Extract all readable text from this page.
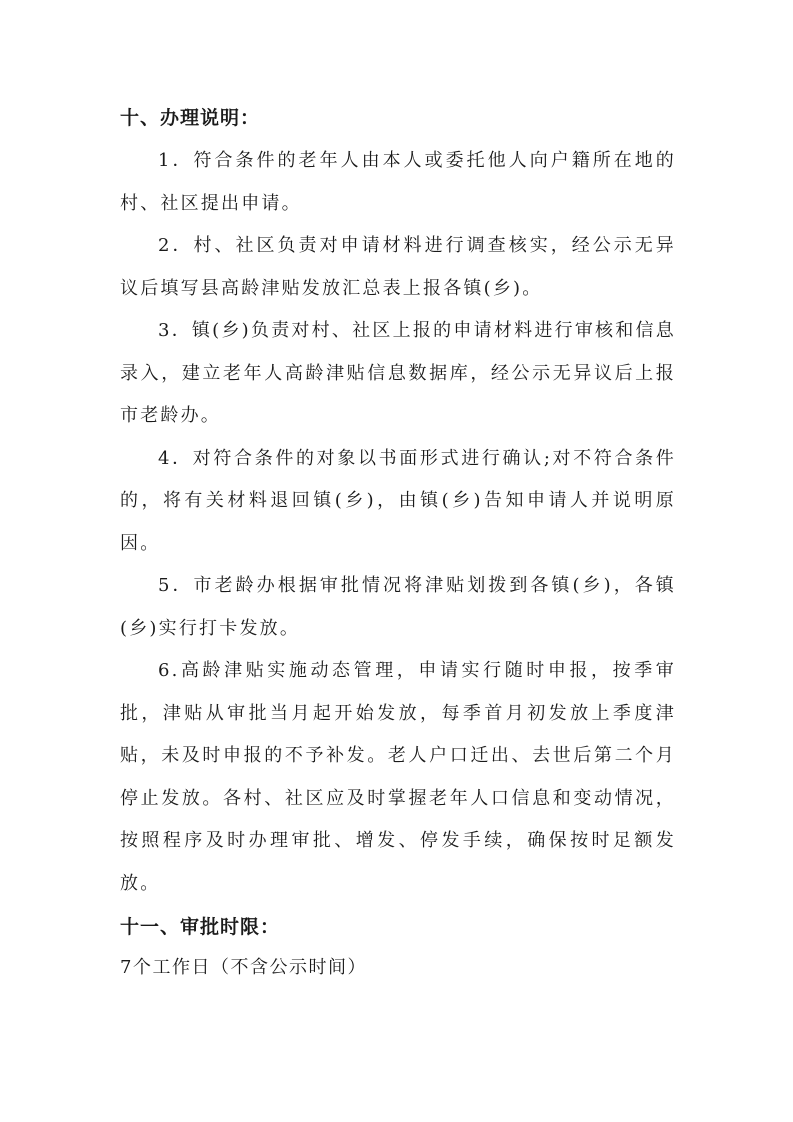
十、办理说明：

1．符合条件的老年人由本人或委托他人向户籍所在地的村、社区提出申请。

2．村、社区负责对申请材料进行调查核实，经公示无异议后填写县高龄津贴发放汇总表上报各镇(乡)。

3．镇(乡)负责对村、社区上报的申请材料进行审核和信息录入，建立老年人高龄津贴信息数据库，经公示无异议后上报市老龄办。

4．对符合条件的对象以书面形式进行确认;对不符合条件的，将有关材料退回镇(乡)，由镇(乡)告知申请人并说明原因。

5．市老龄办根据审批情况将津贴划拨到各镇(乡)，各镇(乡)实行打卡发放。

6.高龄津贴实施动态管理，申请实行随时申报，按季审批，津贴从审批当月起开始发放，每季首月初发放上季度津贴，未及时申报的不予补发。老人户口迁出、去世后第二个月停止发放。各村、社区应及时掌握老年人口信息和变动情况，按照程序及时办理审批、增发、停发手续，确保按时足额发放。

十一、审批时限：

7个工作日（不含公示时间）
